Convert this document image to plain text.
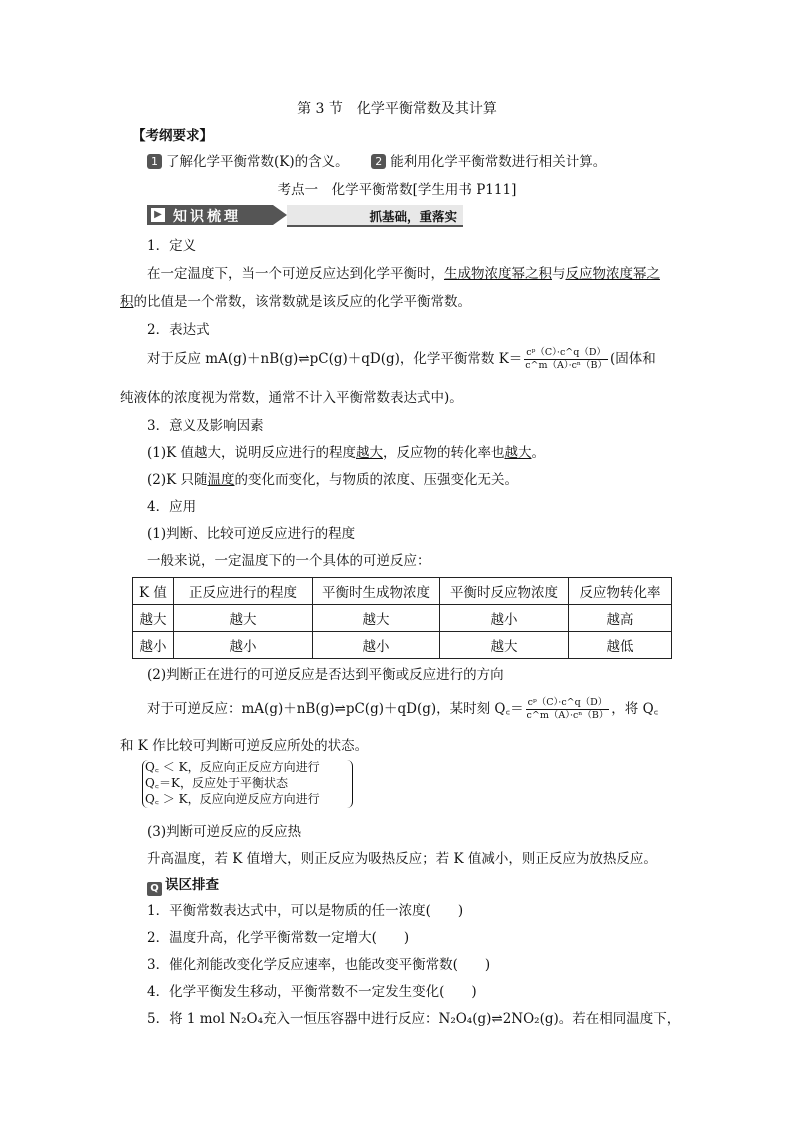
第 3 节　化学平衡常数及其计算
【考纲要求】
1 了解化学平衡常数(K)的含义。 2 能利用化学平衡常数进行相关计算。
考点一　化学平衡常数[学生用书 P111]
▶ 知识梳理	抓基础，重落实
1．定义
在一定温度下，当一个可逆反应达到化学平衡时，生成物浓度幂之积与反应物浓度幂之
积的比值是一个常数，该常数就是该反应的化学平衡常数。
2．表达式
对于反应 mA(g)＋nB(g)⇌pC(g)＋qD(g)，化学平衡常数 $K= \frac{\text{cᵖ（C）·c\textasciicircum{}q（D）}}{\text{c\textasciicircum{}m（A）·cⁿ（B）}}$ (固体和
纯液体的浓度视为常数，通常不计入平衡常数表达式中)。
3．意义及影响因素
(1)K 值越大，说明反应进行的程度越大，反应物的转化率也越大。
(2)K 只随温度的变化而变化，与物质的浓度、压强变化无关。
4．应用
(1)判断、比较可逆反应进行的程度
一般来说，一定温度下的一个具体的可逆反应：
K 值	正反应进行的程度	平衡时生成物浓度	平衡时反应物浓度	反应物转化率
越大	越大	越大	越小	越高
越小	越小	越小	越大	越低
(2)判断正在进行的可逆反应是否达到平衡或反应进行的方向
对于可逆反应：mA(g)＋nB(g)⇌pC(g)＋qD(g)，某时刻 Q꜀＝ $\frac{\text{cᵖ（C）·c\textasciicircum{}q（D）}}{\text{c\textasciicircum{}m（A）·cⁿ（B）}}$ ，将 Q꜀
和 K 作比较可判断可逆反应所处的状态。
Q꜀ ＜ K，反应向正反应方向进行
Q꜀＝K，反应处于平衡状态
Q꜀ ＞ K，反应向逆反应方向进行
(3)判断可逆反应的反应热
升高温度，若 K 值增大，则正反应为吸热反应；若 K 值减小，则正反应为放热反应。
Q 误区排查
1．平衡常数表达式中，可以是物质的任一浓度(　　)
2．温度升高，化学平衡常数一定增大(　　)
3．催化剂能改变化学反应速率，也能改变平衡常数(　　)
4．化学平衡发生移动，平衡常数不一定发生变化(　　)
5．将 1 mol N₂O₄充入一恒压容器中进行反应：N₂O₄(g)⇌2NO₂(g)。若在相同温度下，
